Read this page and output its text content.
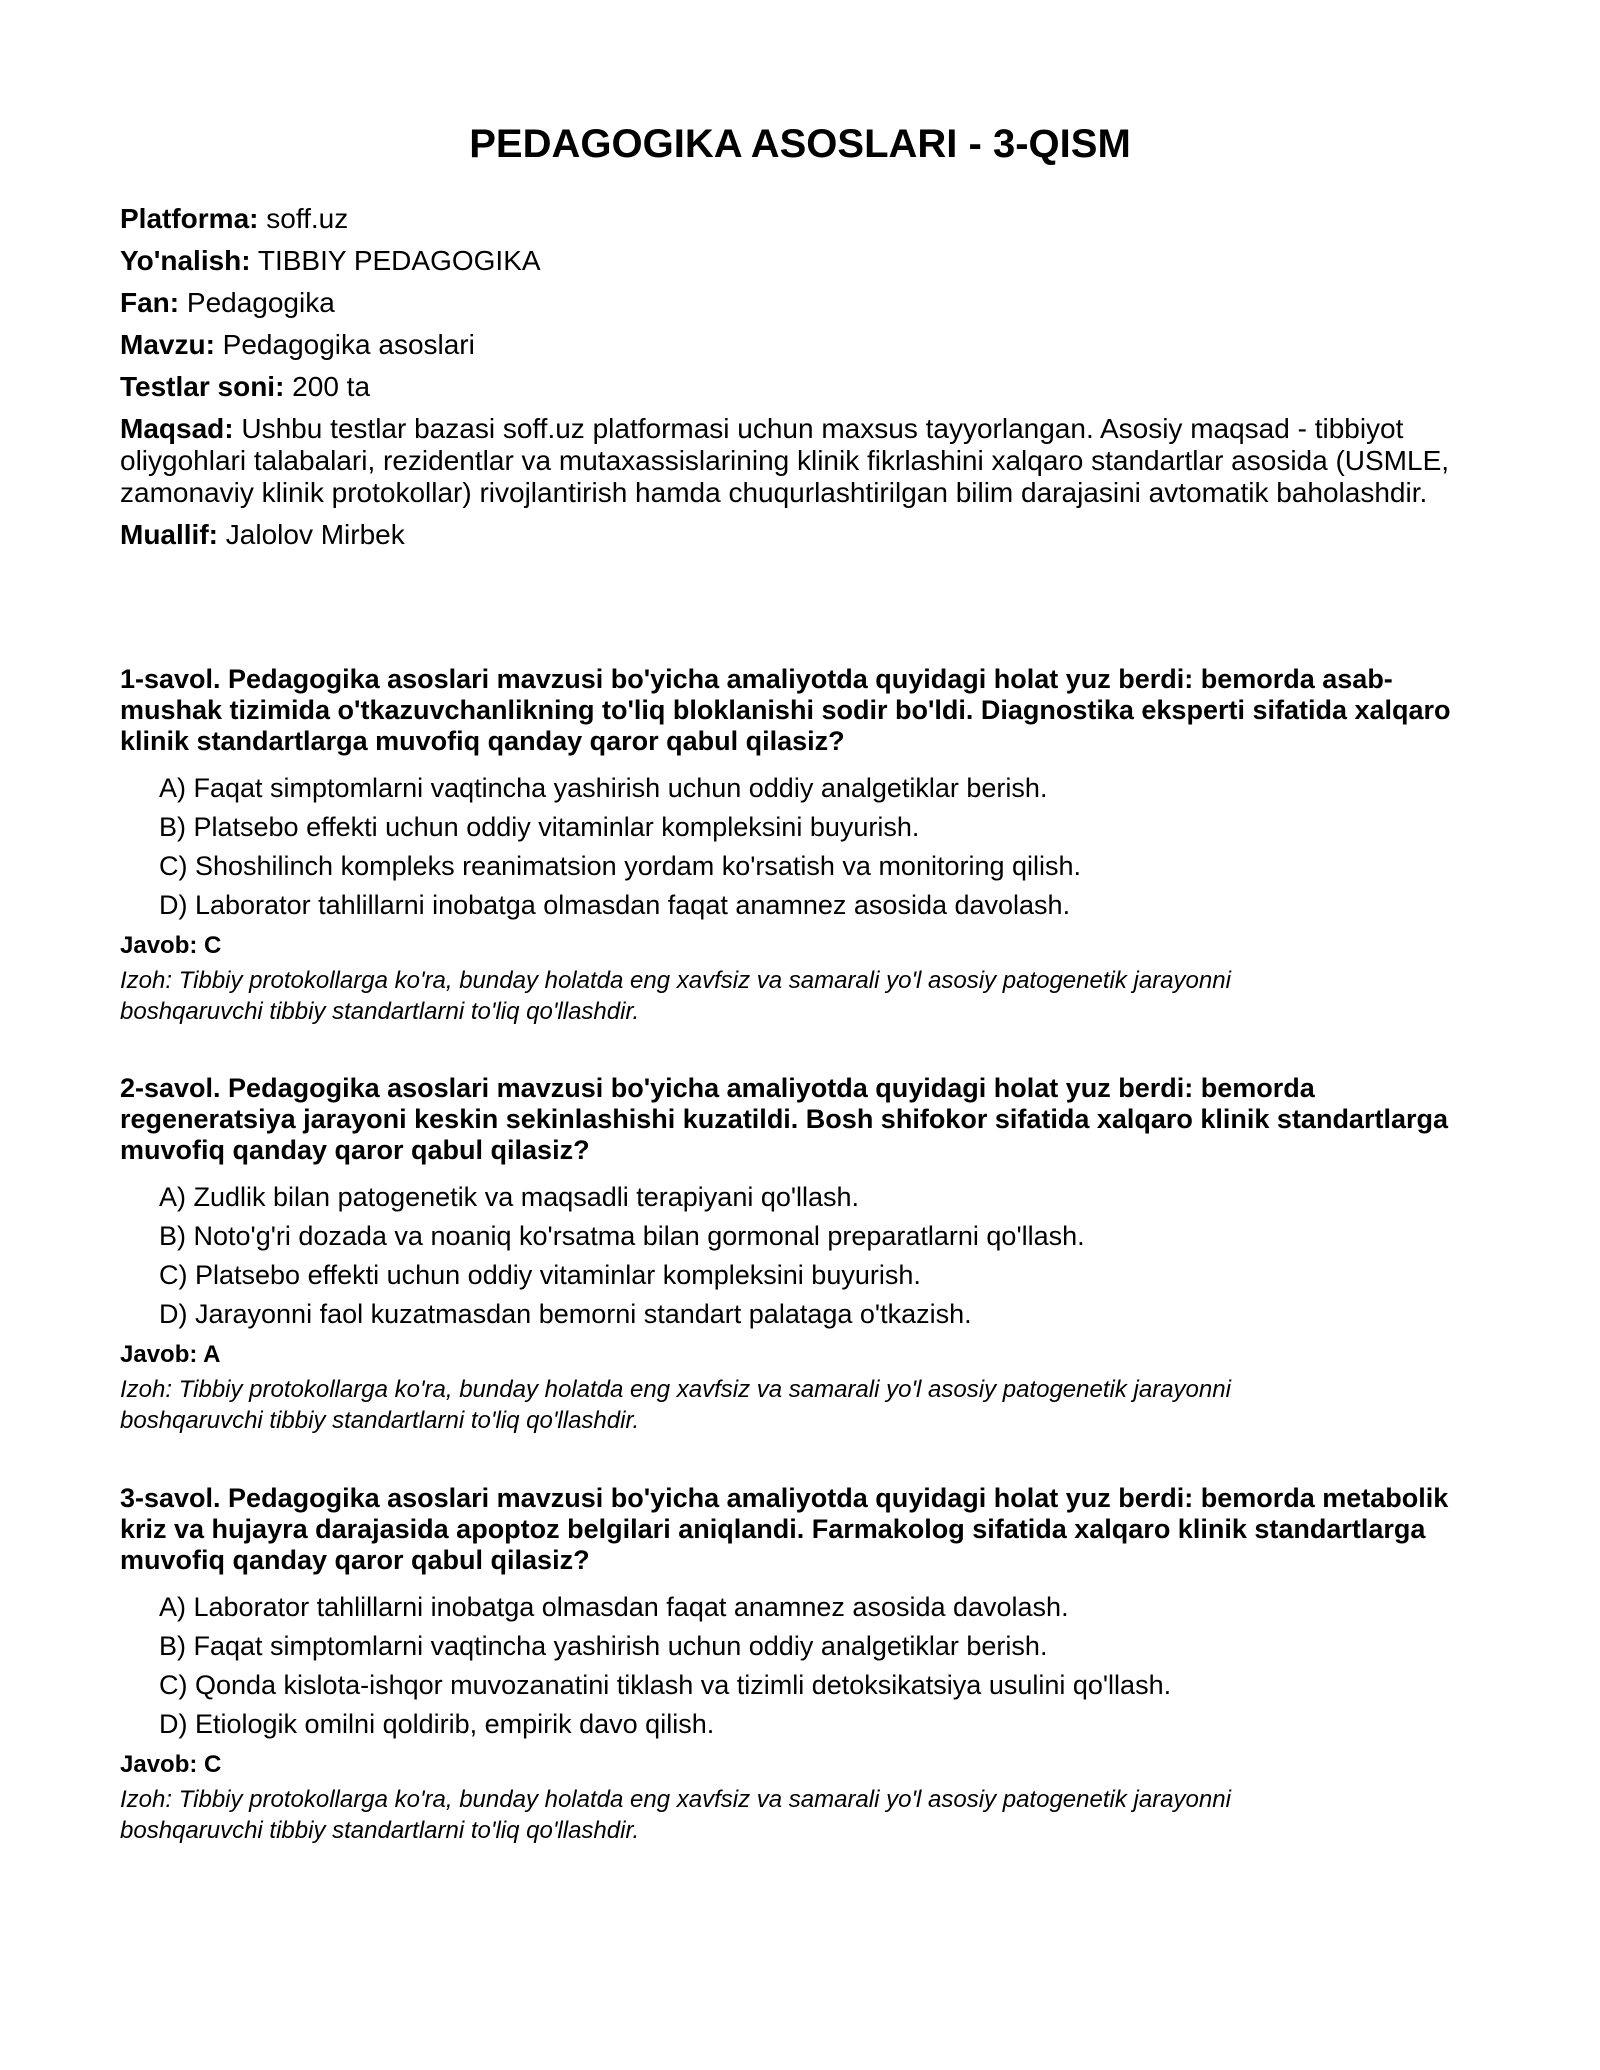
PEDAGOGIKA ASOSLARI - 3-QISM
Platforma: soff.uz
Yo'nalish: TIBBIY PEDAGOGIKA
Fan: Pedagogika
Mavzu: Pedagogika asoslari
Testlar soni: 200 ta
Maqsad: Ushbu testlar bazasi soff.uz platformasi uchun maxsus tayyorlangan. Asosiy maqsad - tibbiyot oliygohlari talabalari, rezidentlar va mutaxassislarining klinik fikrlashini xalqaro standartlar asosida (USMLE, zamonaviy klinik protokollar) rivojlantirish hamda chuqurlashtirilgan bilim darajasini avtomatik baholashdir.
Muallif: Jalolov Mirbek

1-savol. Pedagogika asoslari mavzusi bo'yicha amaliyotda quyidagi holat yuz berdi: bemorda asab-mushak tizimida o'tkazuvchanlikning to'liq bloklanishi sodir bo'ldi. Diagnostika eksperti sifatida xalqaro klinik standartlarga muvofiq qanday qaror qabul qilasiz?

A) Faqat simptomlarni vaqtincha yashirish uchun oddiy analgetiklar berish.
B) Platsebo effekti uchun oddiy vitaminlar kompleksini buyurish.
C) Shoshilinch kompleks reanimatsion yordam ko'rsatish va monitoring qilish.
D) Laborator tahlillarni inobatga olmasdan faqat anamnez asosida davolash.
Javob: C
Izoh: Tibbiy protokollarga ko'ra, bunday holatda eng xavfsiz va samarali yo'l asosiy patogenetik jarayonni boshqaruvchi tibbiy standartlarni to'liq qo'llashdir.

2-savol. Pedagogika asoslari mavzusi bo'yicha amaliyotda quyidagi holat yuz berdi: bemorda regeneratsiya jarayoni keskin sekinlashishi kuzatildi. Bosh shifokor sifatida xalqaro klinik standartlarga muvofiq qanday qaror qabul qilasiz?

A) Zudlik bilan patogenetik va maqsadli terapiyani qo'llash.
B) Noto'g'ri dozada va noaniq ko'rsatma bilan gormonal preparatlarni qo'llash.
C) Platsebo effekti uchun oddiy vitaminlar kompleksini buyurish.
D) Jarayonni faol kuzatmasdan bemorni standart palataga o'tkazish.
Javob: A
Izoh: Tibbiy protokollarga ko'ra, bunday holatda eng xavfsiz va samarali yo'l asosiy patogenetik jarayonni boshqaruvchi tibbiy standartlarni to'liq qo'llashdir.

3-savol. Pedagogika asoslari mavzusi bo'yicha amaliyotda quyidagi holat yuz berdi: bemorda metabolik kriz va hujayra darajasida apoptoz belgilari aniqlandi. Farmakolog sifatida xalqaro klinik standartlarga muvofiq qanday qaror qabul qilasiz?

A) Laborator tahlillarni inobatga olmasdan faqat anamnez asosida davolash.
B) Faqat simptomlarni vaqtincha yashirish uchun oddiy analgetiklar berish.
C) Qonda kislota-ishqor muvozanatini tiklash va tizimli detoksikatsiya usulini qo'llash.
D) Etiologik omilni qoldirib, empirik davo qilish.
Javob: C
Izoh: Tibbiy protokollarga ko'ra, bunday holatda eng xavfsiz va samarali yo'l asosiy patogenetik jarayonni boshqaruvchi tibbiy standartlarni to'liq qo'llashdir.
